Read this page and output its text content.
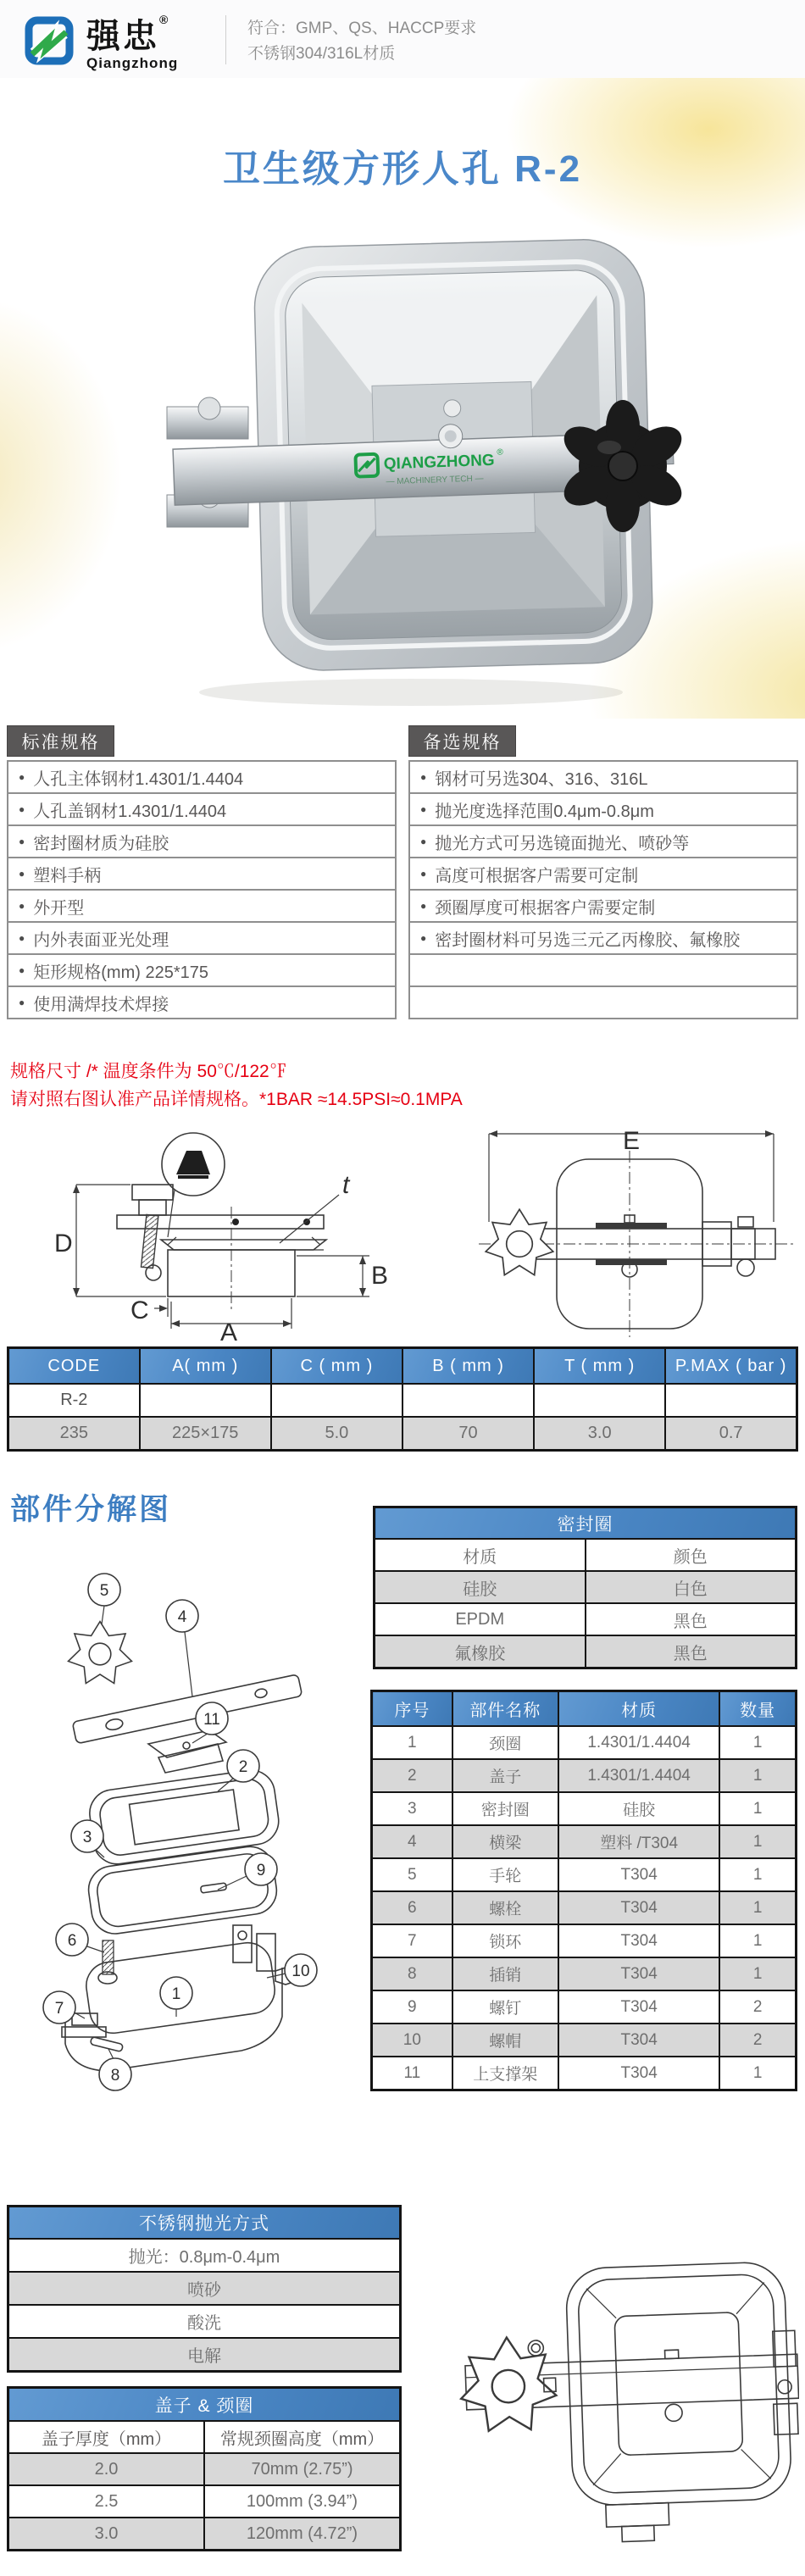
强忠®
Qiangzhong
符合：GMP、QS、HACCP要求
不锈钢304/316L材质
卫生级方形人孔 R-2
QIANGZHONG ®
— MACHINERY TECH —
标准规格
● 人孔主体钢材1.4301/1.4404
● 人孔盖钢材1.4301/1.4404
● 密封圈材质为硅胶
● 塑料手柄
● 外开型
● 内外表面亚光处理
● 矩形规格(mm) 225*175
● 使用满焊技术焊接
备选规格
● 钢材可另选304、316、316L
● 抛光度选择范围0.4μm-0.8μm
● 抛光方式可另选镜面抛光、喷砂等
● 高度可根据客户需要可定制
● 颈圈厚度可根据客户需要定制
● 密封圈材料可另选三元乙丙橡胶、氟橡胶
规格尺寸 /* 温度条件为 50℃/122℉
请对照右图认准产品详情规格。*1BAR ≈14.5PSI≈0.1MPA
D
B
C
A
t
E
CODE	A( mm )	C ( mm )	B ( mm )	T ( mm )	P.MAX ( bar )
R-2					
235	225×175	5.0	70	3.0	0.7
部件分解图
5
4
11
2
3
9
6
10
1
7
8
密封圈	
材质	颜色
硅胶	白色
EPDM	黑色
氟橡胶	黑色
序号	部件名称	材质	数量
1	颈圈	1.4301/1.4404	1
2	盖子	1.4301/1.4404	1
3	密封圈	硅胶	1
4	横梁	塑料 /T304	1
5	手轮	T304	1
6	螺栓	T304	1
7	锁环	T304	1
8	插销	T304	1
9	螺钉	T304	2
10	螺帽	T304	2
11	上支撑架	T304	1
不锈钢抛光方式
抛光：0.8μm-0.4μm
喷砂
酸洗
电解
盖子 & 颈圈	
盖子厚度（mm）	常规颈圈高度（mm）
2.0	70mm (2.75”)
2.5	100mm (3.94”)
3.0	120mm (4.72”)
